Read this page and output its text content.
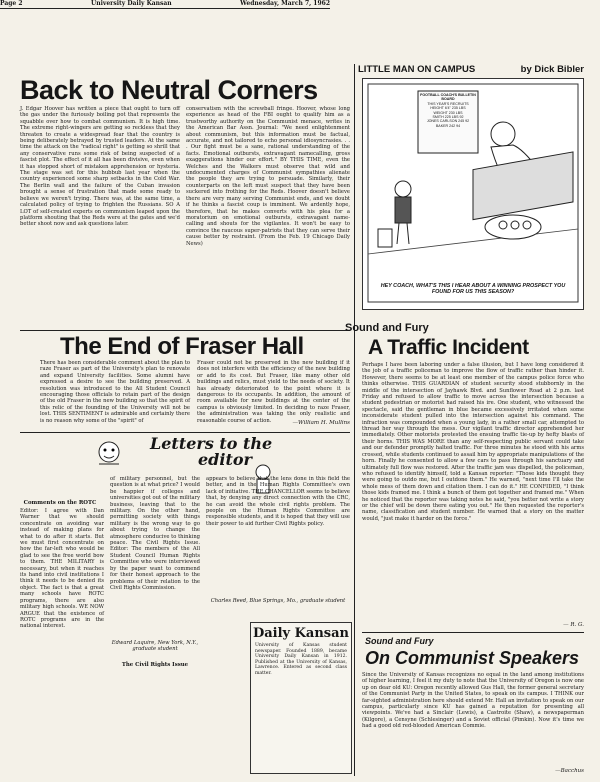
Page 2	University Daily Kansan	Wednesday, March 7, 1962
Back to Neutral Corners
J. Edgar Hoover has written a piece that ought to turn off the gas under the furiously boiling pot that represents the squabble over how to combat communism. It is high time. The extreme right-wingers are getting so reckless that they threaten to create a widespread fear that the country is being deliberately betrayed by trusted leaders. At the same time the attack on the "radical right" is getting so shrill that any conservative runs some risk of being suspected of a fascist plot. The effect of it all has been divisive, even when it has stopped short of mistaken apprehension or hysteria. The stage was set for this hubbub last year when the country experienced some sharp setbacks in the Cold War. The Berlin wall and the failure of the Cuban invasion brought a sense of frustration that made some ready to believe we weren't trying. There was, at the same time, a calculated policy of trying to frighten the Russians. SO A LOT of self-created experts on communism leaped upon the platform shouting that the Reds were at the gates and we'd better shoot now and ask questions later.
conservatism with the screwball fringe. Hoover, whose long experience as head of the FBI ought to qualify him as a trustworthy authority on the Communist menace, writes in the American Bar Assn. Journal: "We need enlightenment about communism, but this information must be factual, accurate, and not tailored to echo personal idiosyncrasies. . . . Our fight must be a sane, rational understanding of the facts. Emotional outbursts, extravagant namecalling, gross exaggerations hinder our effort." BY THIS TIME, even the Welches and the Walkers must observe that wild and undocumented charges of Communist sympathies alienate the people they are trying to persuade. Similarly, their counterparts on the left must suspect that they have been suckered into frothing for the Reds. Hoover doesn't believe there are very many serving Communist ends, and we doubt if he thinks a fascist coup is imminent. We ardently hope, therefore, that he makes converts with his plea for a moratorium on emotional outbursts, extravagant name-calling and shouts for the vigilantes. It won't be easy to convince the raucous super-patriots that they can serve their cause better by restraint. (From the Feb. 19 Chicago Daily News)
LITTLE MAN ON CAMPUS	by Dick Bibler
FOOTBALL COACH'S BULLETIN BOARD
THIS YEAR'S RECRUITS
HEIGHT 6'4" 235 LBS
WEIGHT 230 LBS
SMITH 225 LBS 92
JONES CARLSON 245 92
BAKER 242 94
HEY COACH, WHAT'S THIS I HEAR ABOUT A WINNING PROSPECT YOU FOUND FOR US THIS SEASON?
The End of Fraser Hall
There has been considerable comment about the plan to raze Fraser as part of the University's plan to renovate and expand University facilities. Some alumni have expressed a desire to see the building preserved. A resolution was introduced to the All Student Council encouraging those officials to retain part of the design of the old Fraser in the new building so that the spirit of this relic of the founding of the University will not be lost. THIS SENTIMENT is admirable and certainly there is no reason why some of the "spirit" of
Fraser could not be preserved in the new building if it does not interfere with the efficiency of the new building or add to its cost. But Fraser, like many other old buildings and relics, must yield to the needs of society. It has already deteriorated to the point where it is dangerous to its occupants. In addition, the amount of room available for new buildings at the center of the campus is obviously limited. In deciding to raze Fraser, the administration was taking the only realistic and reasonable course of action.	—William H. Mullins
Letters to the
editor
Comments on the ROTC
Editor: I agree with Dan Warner that we should concentrate on avoiding war instead of making plans for what to do after it starts. But we must first concentrate on how the far-left who would be glad to see the free world bow to them. THE MILITARY is necessary, but when it reaches its hand into civil institutions I think it needs to be denied its object. The fact is that a great many schools have ROTC programs, there are also military high schools. WE NOW ARGUE that the existence of ROTC programs are in the national interest.
of military personnel, but the question is at what price? I would be happier if colleges and universities got out of the military business, leaving that to the military. On the other hand, permitting society with things military is the wrong way to go about trying to change the atmosphere conducive to thinking peace. The Civil Rights Issue. Editor: The members of the All Student Council Human Rights Committee who were interviewed by the paper want to commend for their honest approach to the problems of their relation to the Civil Rights Commission.
Edward Laquire, New York, N.Y., graduate student
The Civil Rights Issue
appears to believe that the lens done in this field the better, and in the Human Rights Committee's own lack of initiative. THE CHANCELLOR seems to believe that, by denying any direct connection with the CRC, he can avoid the whole civil rights problem. The people on the Human Rights Committee are responsible students, and it is hoped that they will use their power to aid further Civil Rights policy.
Charles Reed, Blue Springs, Mo., graduate student
Daily Kansan
University of Kansas student newspaper. Founded 1889, became University Daily Kansan in 1912. Published at the University of Kansas, Lawrence. Entered as second class matter.
Sound and Fury
A Traffic Incident
Perhaps I have been laboring under a false illusion, but I have long considered it the job of a traffic policeman to improve the flow of traffic rather than hinder it. However, there seems to be at least one member of the campus police force who thinks otherwise. THIS GUARDIAN of student security stood stubbornly in the middle of the intersection of Jayhawk Blvd. and Sunflower Road at 2 p.m. last Friday and refused to allow traffic to move across the intersection because a student pedestrian or motorist had raised his ire. One student, who witnessed the spectacle, said the gentleman in blue became excessively irritated when some inconsiderate student pulled into the intersection against his command. The infraction was compounded when a young lady, in a rather small car, attempted to thread her way through the mess. Our vigilant traffic director apprehended her immediately. Other motorists protested the ensuing traffic tie-up by hefty blasts of their horns. THIS WAS MORE than any self-respecting public servant could take and our defender promptly halted traffic. For three minutes he stood with his arms crossed, while students continued to assail him by appropriate manipulations of the horn. Finally he consented to allow a few cars to pass through his sanctuary and ultimately full flow was restored. After the traffic jam was dispelled, the policeman, who refused to identify himself, told a Kansan reporter: "Those kids thought they were going to outdo me, but I outdone them." He warned, "next time I'll take the whole mess of them down and citation them. I can do it." HE CONFIDED, "I think those kids framed me. I think a bunch of them got together and framed me." When he noticed that the reporter was taking notes he said, "you better not write a story or the chief will be down there eating you out." He then requested the reporter's name, classification and student number. He warned that a story on the matter would, "just make it harder on the force."
— R. G.
Sound and Fury
On Communist Speakers
Since the University of Kansas recognizes no equal in the land among institutions of higher learning, I feel it my duty to note that the University of Oregon is now one up on dear old KU: Oregon recently allowed Gus Hall, the former general secretary of the Communist Party in the United States, to speak on its campus. I THINK our far-sighted administration here should extend Mr. Hall an invitation to speak on our campus, particularly since KU has gained a reputation for presenting all viewpoints. We've had a Sinclair (Lewis), a Castroite (Shaw), a newspaperman (Kilgore), a Censyne (Schlesinger) and a Soviet official (Pimkin). Now it's time we had a good old red-blooded American Commie.
—Bacchus
